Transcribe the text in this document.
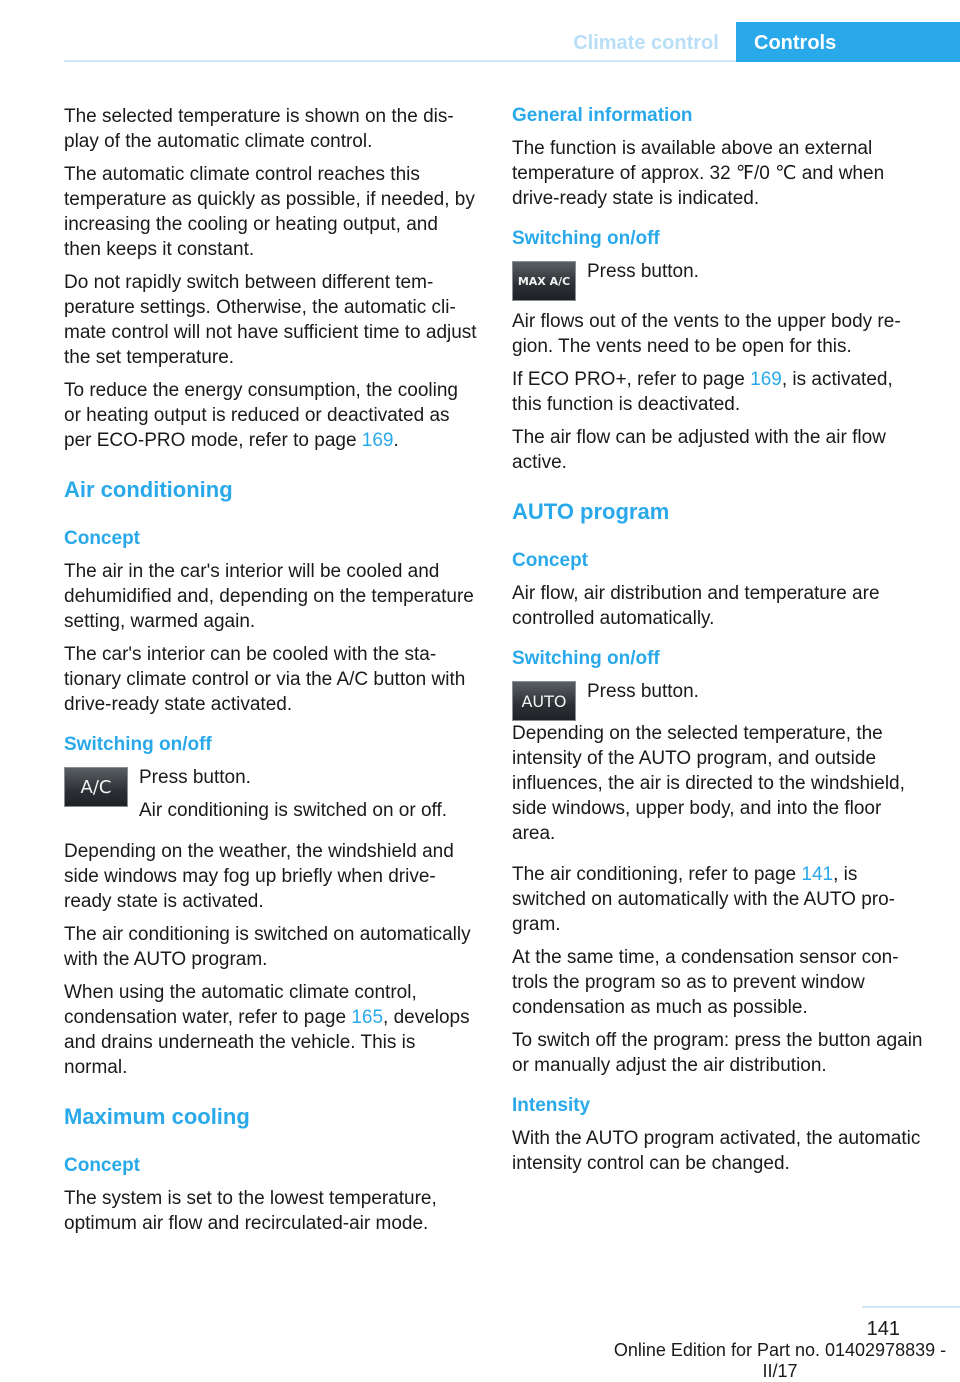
Climate control	Controls

The selected temperature is shown on the display of the automatic climate control.

The automatic climate control reaches this temperature as quickly as possible, if needed, by increasing the cooling or heating output, and then keeps it constant.

Do not rapidly switch between different temperature settings. Otherwise, the automatic climate control will not have sufficient time to adjust the set temperature.

To reduce the energy consumption, the cooling or heating output is reduced or deactivated as per ECO-PRO mode, refer to page 169.

Air conditioning
Concept

The air in the car's interior will be cooled and dehumidified and, depending on the temperature setting, warmed again.

The car's interior can be cooled with the stationary climate control or via the A/C button with drive-ready state activated.

Switching on/off
A/C	Press button.

Air conditioning is switched on or off.

Depending on the weather, the windshield and side windows may fog up briefly when drive-ready state is activated.

The air conditioning is switched on automatically with the AUTO program.

When using the automatic climate control, condensation water, refer to page 165, develops and drains underneath the vehicle. This is normal.

Maximum cooling
Concept

The system is set to the lowest temperature, optimum air flow and recirculated-air mode.

General information

The function is available above an external temperature of approx. 32 ℉/0 ℃ and when drive-ready state is indicated.

Switching on/off
MAX A/C Press button.

Air flows out of the vents to the upper body region. The vents need to be open for this.

If ECO PRO+, refer to page 169, is activated, this function is deactivated.

The air flow can be adjusted with the air flow active.

AUTO program
Concept

Air flow, air distribution and temperature are controlled automatically.

Switching on/off
AUTO	Press button.

Depending on the selected temperature, the intensity of the AUTO program, and outside influences, the air is directed to the windshield, side windows, upper body, and into the floor area.

The air conditioning, refer to page 141, is switched on automatically with the AUTO program.

At the same time, a condensation sensor controls the program so as to prevent window condensation as much as possible.

To switch off the program: press the button again or manually adjust the air distribution.

Intensity

With the AUTO program activated, the automatic intensity control can be changed.

141
Online Edition for Part no. 01402978839 - II/17
